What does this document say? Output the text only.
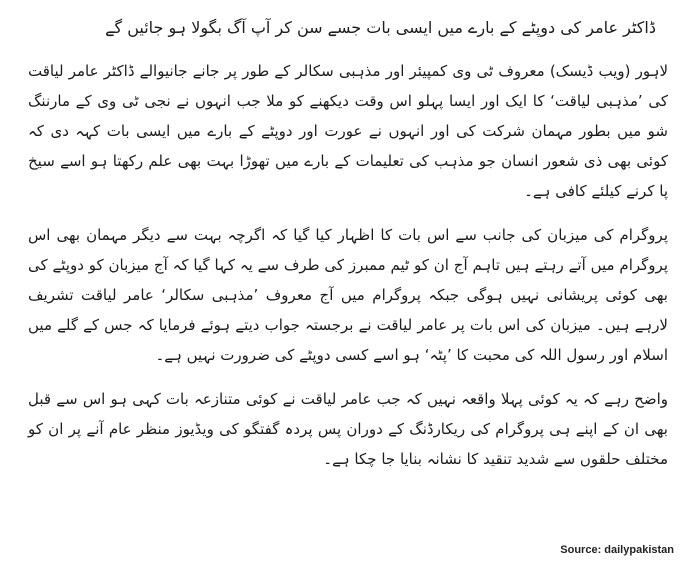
ڈاکٹر عامر کی دوپٹے کے بارے میں ایسی بات جسے سن کر آپ آگ بگولا ہو جائیں گے
لاہور (ویب ڈیسک) معروف ٹی وی کمپیئر اور مذہبی سکالر کے طور پر جانے جانیوالے ڈاکٹر عامر لیاقت کی ’مذہبی لیاقت‘ کا ایک اور ایسا پہلو اس وقت دیکھنے کو ملا جب انہوں نے نجی ٹی وی کے مارننگ شو میں بطور مہمان شرکت کی اور انہوں نے عورت اور دوپٹے کے بارے میں ایسی بات کہہ دی کہ کوئی بھی ذی شعور انسان جو مذہب کی تعلیمات کے بارے میں تھوڑا بہت بھی علم رکھتا ہو اسے سیخ پا کرنے کیلئے کافی ہے۔
پروگرام کی میزبان کی جانب سے اس بات کا اظہار کیا گیا کہ اگرچہ بہت سے دیگر مہمان بھی اس پروگرام میں آتے رہتے ہیں تاہم آج ان کو ٹیم ممبرز کی طرف سے یہ کہا گیا کہ آج میزبان کو دوپٹے کی بھی کوئی پریشانی نہیں ہوگی جبکہ پروگرام میں آج معروف ’مذہبی سکالر‘ عامر لیاقت تشریف لارہے ہیں۔ میزبان کی اس بات پر عامر لیاقت نے برجستہ جواب دیتے ہوئے فرمایا کہ جس کے گلے میں اسلام اور رسول اللہ کی محبت کا ’پٹہ‘ ہو اسے کسی دوپٹے کی ضرورت نہیں ہے۔
واضح رہے کہ یہ کوئی پہلا واقعہ نہیں کہ جب عامر لیاقت نے کوئی متنازعہ بات کہی ہو اس سے قبل بھی ان کے اپنے ہی پروگرام کی ریکارڈنگ کے دوران پس پردہ گفتگو کی ویڈیوز منظر عام آنے پر ان کو مختلف حلقوں سے شدید تنقید کا نشانہ بنایا جا چکا ہے۔
Source: dailypakistan
